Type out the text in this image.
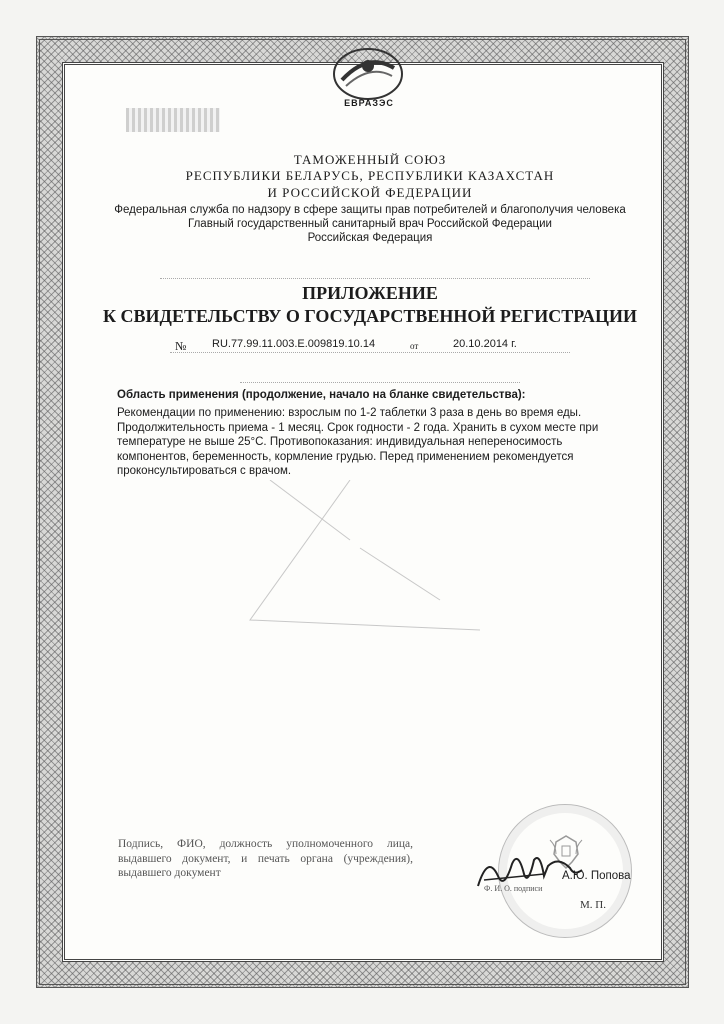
ЕВРАЗЭС
ТАМОЖЕННЫЙ СОЮЗ
РЕСПУБЛИКИ БЕЛАРУСЬ, РЕСПУБЛИКИ КАЗАХСТАН
И РОССИЙСКОЙ ФЕДЕРАЦИИ
Федеральная служба по надзору в сфере защиты прав потребителей и благополучия человека
Главный государственный санитарный врач Российской Федерации
Российская Федерация
ПРИЛОЖЕНИЕ
К СВИДЕТЕЛЬСТВУ О ГОСУДАРСТВЕННОЙ РЕГИСТРАЦИИ
№ RU.77.99.11.003.Е.009819.10.14	от	20.10.2014 г.
Область применения (продолжение, начало на бланке свидетельства):
Рекомендации по применению: взрослым по 1-2 таблетки 3 раза в день во время еды. Продолжительность приема - 1 месяц. Срок годности - 2 года. Хранить в сухом месте при температуре не выше 25°С. Противопоказания: индивидуальная непереносимость компонентов, беременность, кормление грудью. Перед применением рекомендуется проконсультироваться с врачом.
Подпись, ФИО, должность уполномоченного лица, выдавшего документ, и печать органа (учреждения), выдавшего документ	А.Ю. Попова
Ф. И. О. подписи
М. П.
